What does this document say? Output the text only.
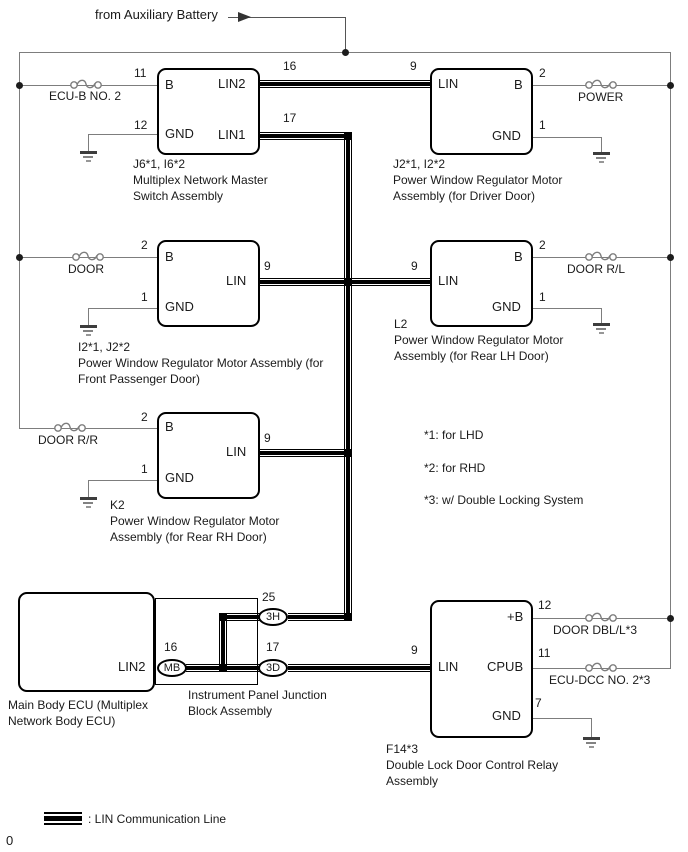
from Auxiliary Battery
ECU-B NO. 2
DOOR
DOOR R/R
POWER
DOOR R/L
DOOR DBL/L*3
ECU-DCC NO. 2*3
MB
3H
3D
B
GND
LIN2
LIN1
LIN	B
GND
B
GND
LIN
B
LIN
GND
B
GND
LIN
+B
LIN CPUB
GND
LIN2
11
12
16
17
9	2
1
2
1
9	9
2
1
2
1
9
9
12
11
7
16
25
17
J6*1, I6*2
Multiplex Network Master
Switch Assembly
J2*1, I2*2
Power Window Regulator Motor
Assembly (for Driver Door)
I2*1, J2*2
Power Window Regulator Motor Assembly (for
Front Passenger Door)
L2
Power Window Regulator Motor
Assembly (for Rear LH Door)
K2
Power Window Regulator Motor
Assembly (for Rear RH Door)
Main Body ECU (Multiplex
Network Body ECU)
Instrument Panel Junction
Block Assembly
F14*3
Double Lock Door Control Relay
Assembly
*1: for LHD
*2: for RHD
*3: w/ Double Locking System
: LIN Communication Line
0
